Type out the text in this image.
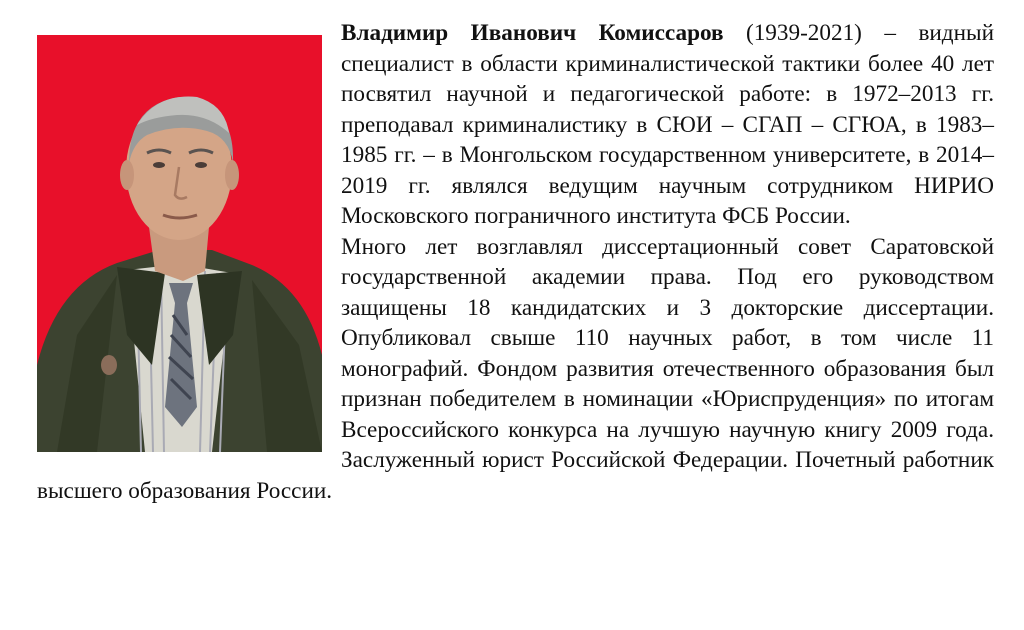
Владимир Иванович Комиссаров (1939-2021) – видный специалист в области криминалистической тактики более 40 лет посвятил научной и педагогической работе: в 1972–2013 гг. преподавал криминалистику в СЮИ – СГАП – СГЮА, в 1983–1985 гг. – в Монгольском государственном университете, в 2014–2019 гг. являлся ведущим научным сотрудником НИРИО Московского пограничного института ФСБ России.

Много лет возглавлял диссертационный совет Саратовской государственной академии права. Под его руководством защищены 18 кандидатских и 3 докторские диссертации. Опубликовал свыше 110 научных работ, в том числе 11 монографий. Фондом развития отечественного образования был признан победителем в номинации «Юриспруденция» по итогам Всероссийского конкурса на лучшую научную книгу 2009 года. Заслуженный юрист Российской Федерации. Почетный работник высшего образования России.
